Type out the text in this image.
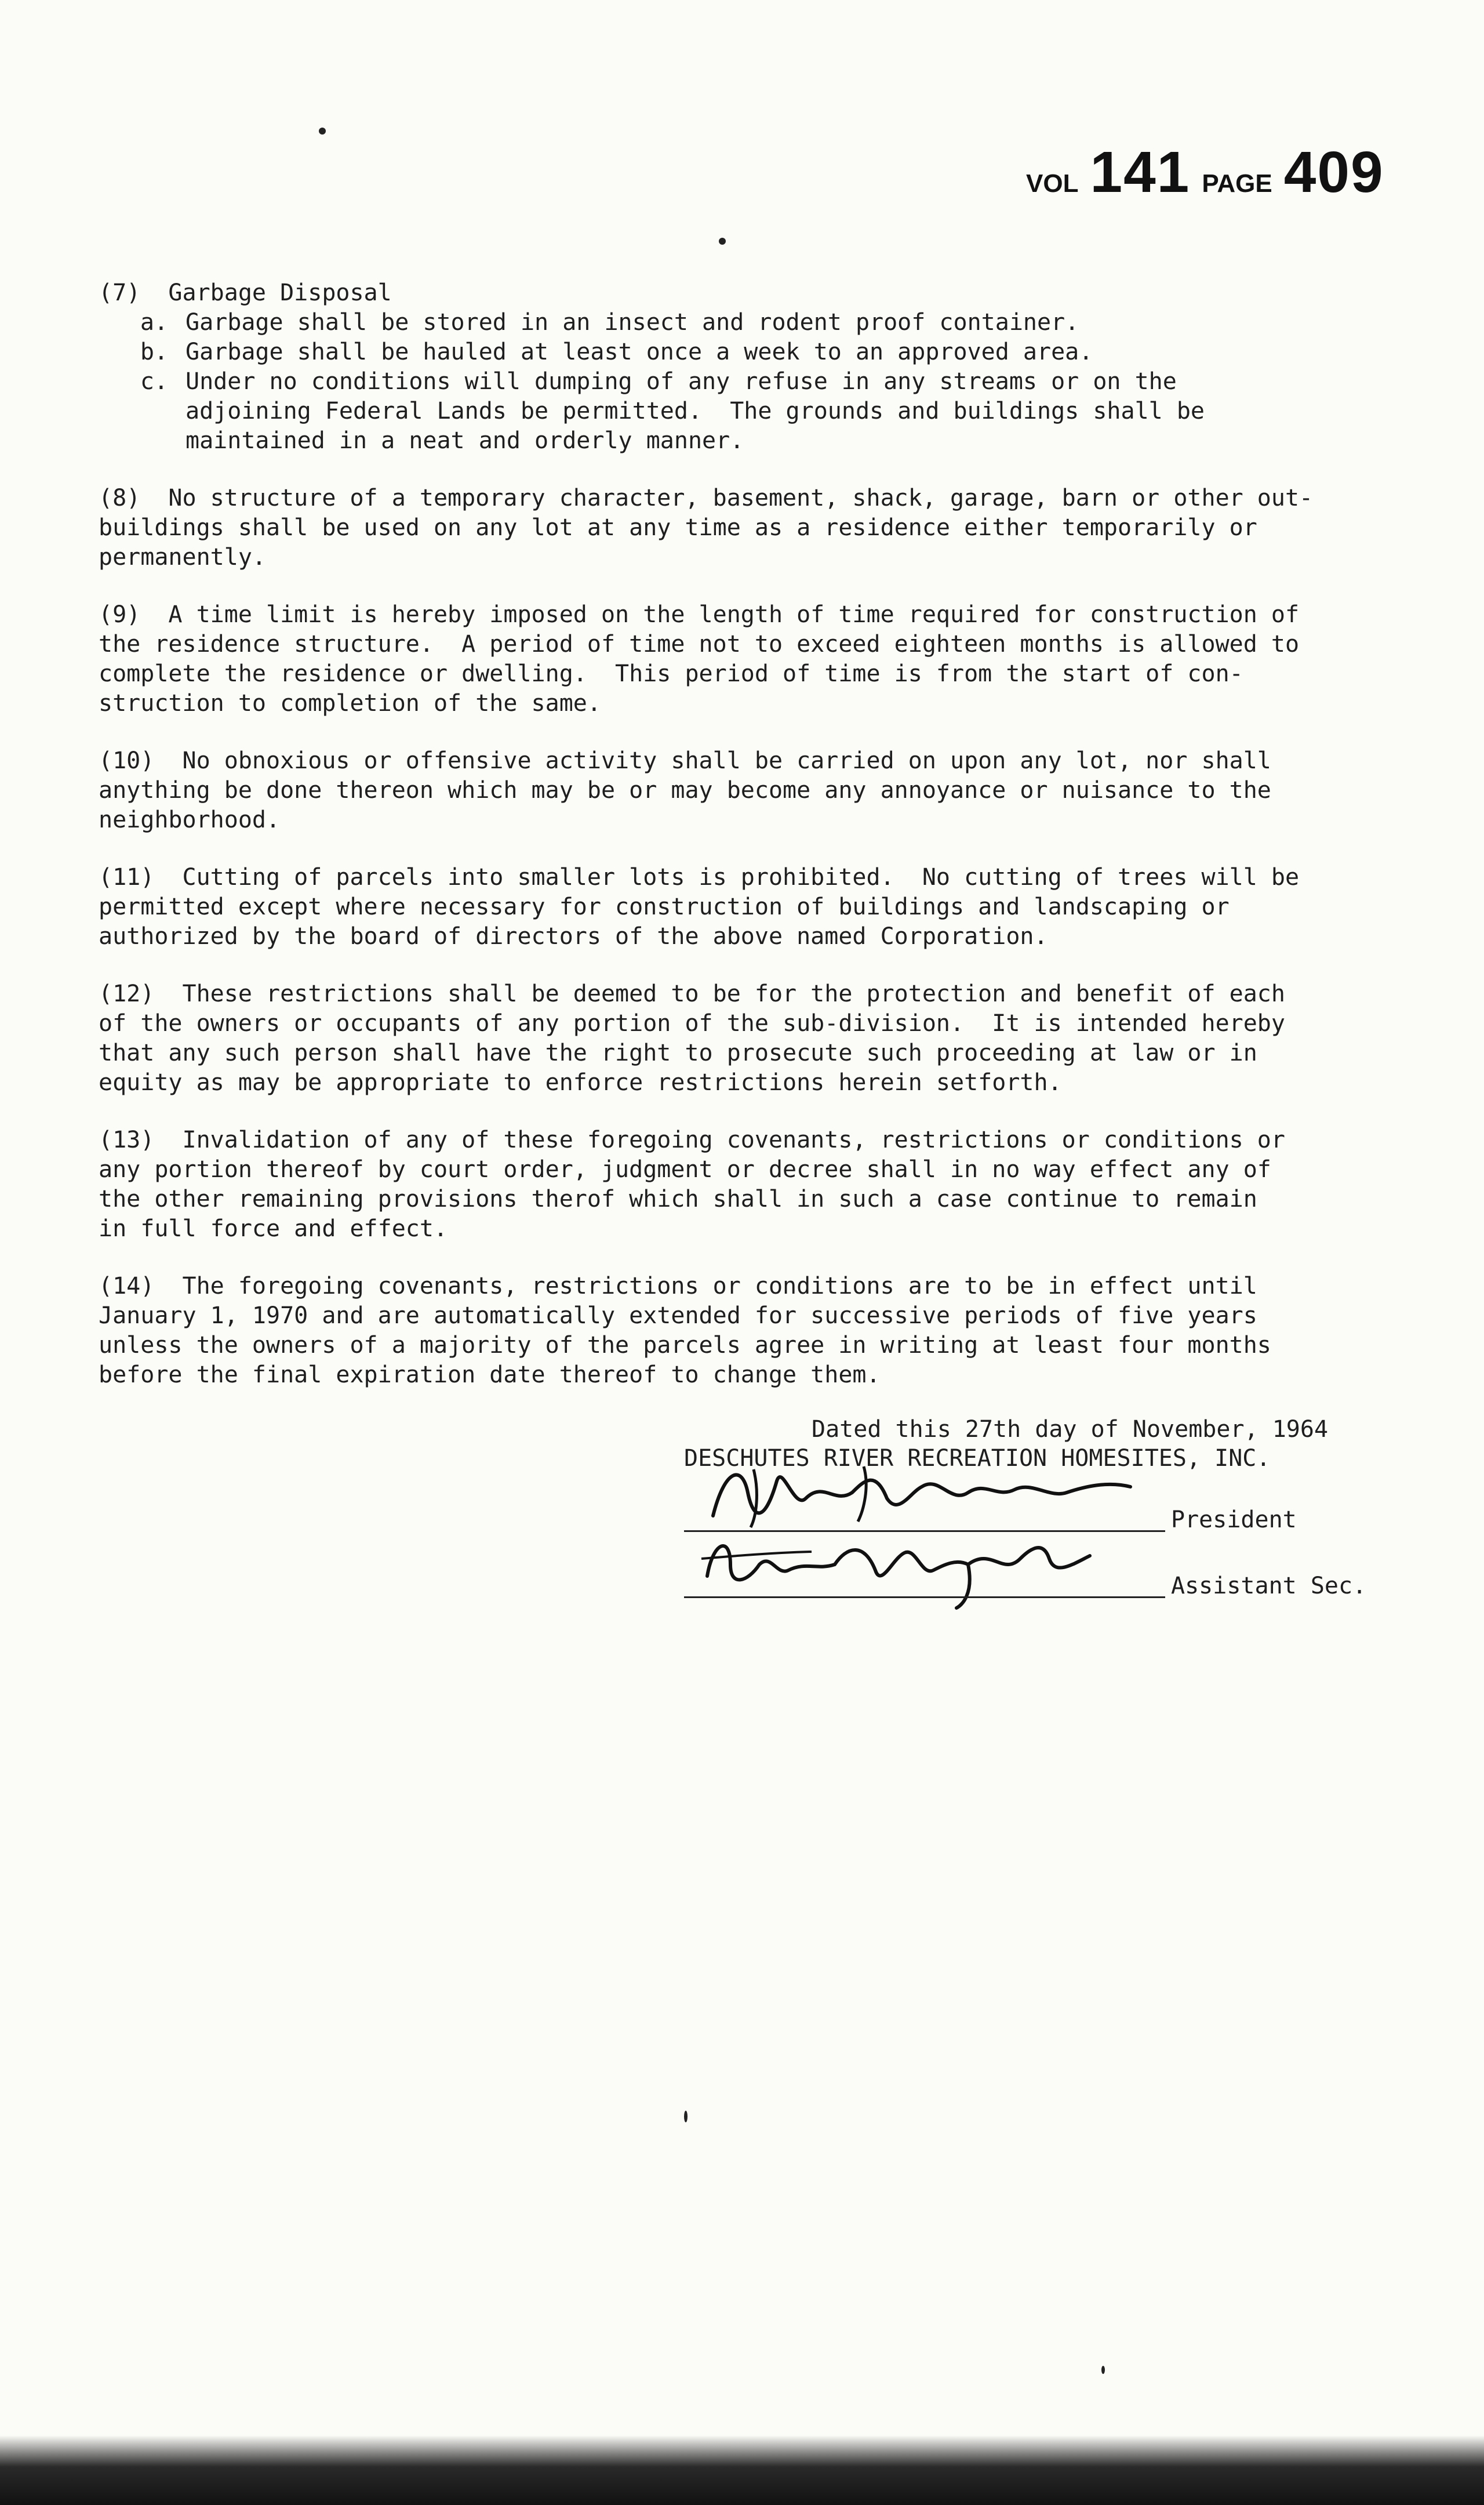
VOL 141 PAGE 409

(7)  Garbage Disposal

a. Garbage shall be stored in an insect and rodent proof container.
b. Garbage shall be hauled at least once a week to an approved area.
c. Under no conditions will dumping of any refuse in any streams or on the
adjoining Federal Lands be permitted.  The grounds and buildings shall be
maintained in a neat and orderly manner.

(8)  No structure of a temporary character, basement, shack, garage, barn or other out-

buildings shall be used on any lot at any time as a residence either temporarily or

permanently.

(9)  A time limit is hereby imposed on the length of time required for construction of

the residence structure.  A period of time not to exceed eighteen months is allowed to

complete the residence or dwelling.  This period of time is from the start of con-

struction to completion of the same.

(10)  No obnoxious or offensive activity shall be carried on upon any lot, nor shall

anything be done thereon which may be or may become any annoyance or nuisance to the

neighborhood.

(11)  Cutting of parcels into smaller lots is prohibited.  No cutting of trees will be

permitted except where necessary for construction of buildings and landscaping or

authorized by the board of directors of the above named Corporation.

(12)  These restrictions shall be deemed to be for the protection and benefit of each

of the owners or occupants of any portion of the sub-division.  It is intended hereby

that any such person shall have the right to prosecute such proceeding at law or in

equity as may be appropriate to enforce restrictions herein setforth.

(13)  Invalidation of any of these foregoing covenants, restrictions or conditions or

any portion thereof by court order, judgment or decree shall in no way effect any of

the other remaining provisions therof which shall in such a case continue to remain

in full force and effect.

(14)  The foregoing covenants, restrictions or conditions are to be in effect until

January 1, 1970 and are automatically extended for successive periods of five years

unless the owners of a majority of the parcels agree in writing at least four months

before the final expiration date thereof to change them.

Dated this 27th day of November, 1964
DESCHUTES RIVER RECREATION HOMESITES, INC.
President
Assistant Sec.
